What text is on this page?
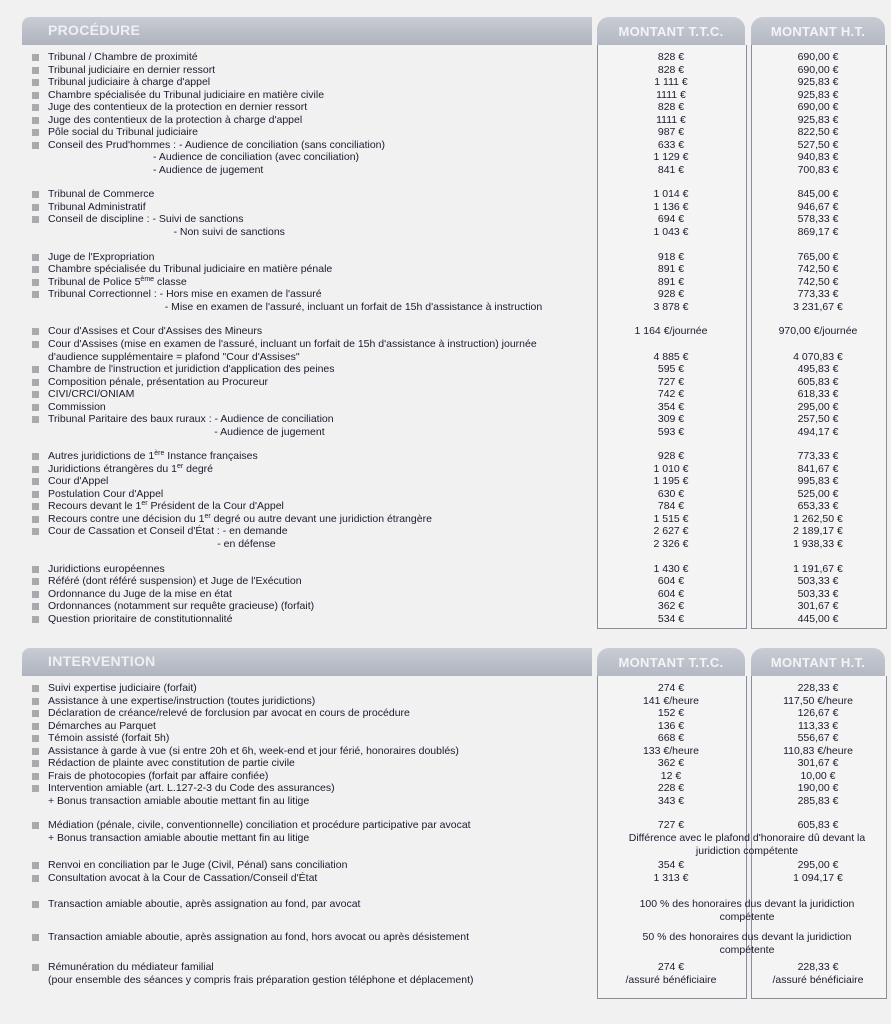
PROCÉDURE	MONTANT T.T.C.	MONTANT H.T.
Tribunal / Chambre de proximité	828 €	690,00 €
Tribunal judiciaire en dernier ressort	828 €	690,00 €
Tribunal judiciaire à charge d'appel	1 111 €	925,83 €
Chambre spécialisée du Tribunal judiciaire en matière civile	1111 €	925,83 €
Juge des contentieux de la protection en dernier ressort	828 €	690,00 €
Juge des contentieux de la protection à charge d'appel	1111 €	925,83 €
Pôle social du Tribunal judiciaire	987 €	822,50 €
Conseil des Prud'hommes : - Audience de conciliation (sans conciliation)	633 €	527,50 €
- Audience de conciliation (avec conciliation)	1 129 €	940,83 €
- Audience de jugement	841 €	700,83 €
Tribunal de Commerce	1 014 €	845,00 €
Tribunal Administratif	1 136 €	946,67 €
Conseil de discipline : - Suivi de sanctions	694 €	578,33 €
- Non suivi de sanctions	1 043 €	869,17 €
Juge de l'Expropriation	918 €	765,00 €
Chambre spécialisée du Tribunal judiciaire en matière pénale	891 €	742,50 €
Tribunal de Police 5ème classe	891 €	742,50 €
Tribunal Correctionnel : - Hors mise en examen de l'assuré	928 €	773,33 €
- Mise en examen de l'assuré, incluant un forfait de 15h d'assistance à instruction	3 878 €	3 231,67 €
Cour d'Assises et Cour d'Assises des Mineurs	1 164 €/journée	970,00 €/journée
Cour d'Assises (mise en examen de l'assuré, incluant un forfait de 15h d'assistance à instruction) journée
d'audience supplémentaire = plafond "Cour d'Assises"	4 885 €	4 070,83 €
Chambre de l'instruction et juridiction d'application des peines	595 €	495,83 €
Composition pénale, présentation au Procureur	727 €	605,83 €
CIVI/CRCI/ONIAM	742 €	618,33 €
Commission	354 €	295,00 €
Tribunal Paritaire des baux ruraux : - Audience de conciliation	309 €	257,50 €
- Audience de jugement	593 €	494,17 €
Autres juridictions de 1ère Instance françaises	928 €	773,33 €
Juridictions étrangères du 1er degré	1 010 €	841,67 €
Cour d'Appel	1 195 €	995,83 €
Postulation Cour d'Appel	630 €	525,00 €
Recours devant le 1er Président de la Cour d'Appel	784 €	653,33 €
Recours contre une décision du 1er degré ou autre devant une juridiction étrangère	1 515 €	1 262,50 €
Cour de Cassation et Conseil d'État : - en demande	2 627 €	2 189,17 €
- en défense	2 326 €	1 938,33 €
Juridictions européennes	1 430 €	1 191,67 €
Référé (dont référé suspension) et Juge de l'Exécution	604 €	503,33 €
Ordonnance du Juge de la mise en état	604 €	503,33 €
Ordonnances (notamment sur requête gracieuse) (forfait)	362 €	301,67 €
Question prioritaire de constitutionnalité	534 €	445,00 €
INTERVENTION	MONTANT T.T.C.	MONTANT H.T.
Suivi expertise judiciaire (forfait)	274 €	228,33 €
Assistance à une expertise/instruction (toutes juridictions)	141 €/heure	117,50 €/heure
Déclaration de créance/relevé de forclusion par avocat en cours de procédure	152 €	126,67 €
Démarches au Parquet	136 €	113,33 €
Témoin assisté (forfait 5h)	668 €	556,67 €
Assistance à garde à vue (si entre 20h et 6h, week-end et jour férié, honoraires doublés)	133 €/heure	110,83 €/heure
Rédaction de plainte avec constitution de partie civile	362 €	301,67 €
Frais de photocopies (forfait par affaire confiée)	12 €	10,00 €
Intervention amiable (art. L.127-2-3 du Code des assurances)	228 €	190,00 €
+ Bonus transaction amiable aboutie mettant fin au litige	343 €	285,83 €
Médiation (pénale, civile, conventionnelle) conciliation et procédure participative par avocat	727 €	605,83 €
+ Bonus transaction amiable aboutie mettant fin au litige	Différence avec le plafond d'honoraire dû devant la
juridiction compétente
Renvoi en conciliation par le Juge (Civil, Pénal) sans conciliation	354 €	295,00 €
Consultation avocat à la Cour de Cassation/Conseil d'État	1 313 €	1 094,17 €
Transaction amiable aboutie, après assignation au fond, par avocat	100 % des honoraires dus devant la juridiction
compétente
Transaction amiable aboutie, après assignation au fond, hors avocat ou après désistement	50 % des honoraires dus devant la juridiction
compétente
Rémunération du médiateur familial	274 €	228,33 €
(pour ensemble des séances y compris frais préparation gestion téléphone et déplacement)	/assuré bénéficiaire	/assuré bénéficiaire
